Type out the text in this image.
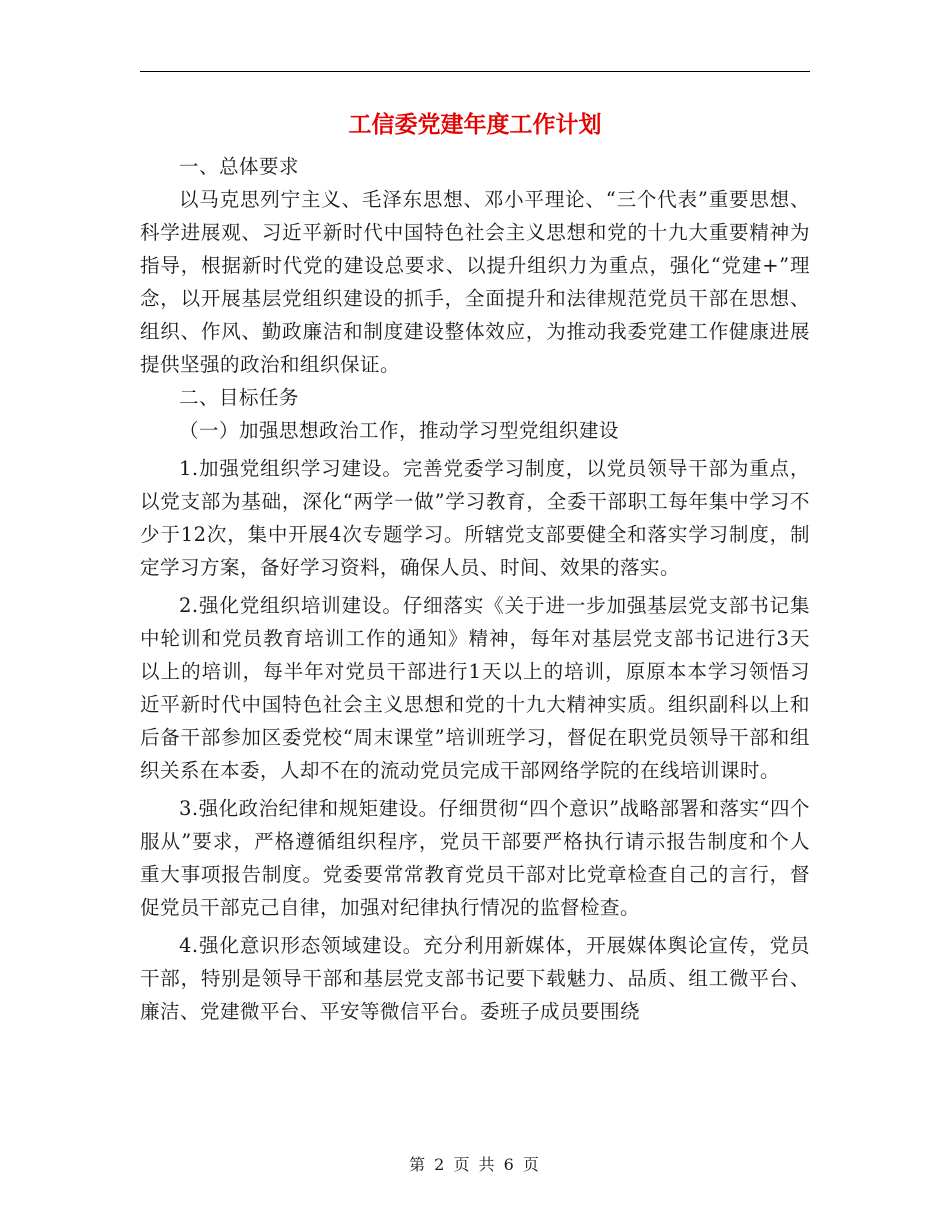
工信委党建年度工作计划

一、总体要求

以马克思列宁主义、毛泽东思想、邓小平理论、“三个代表”重要思想、科学进展观、习近平新时代中国特色社会主义思想和党的十九大重要精神为指导，根据新时代党的建设总要求、以提升组织力为重点，强化“党建+”理念，以开展基层党组织建设的抓手，全面提升和法律规范党员干部在思想、组织、作风、勤政廉洁和制度建设整体效应，为推动我委党建工作健康进展提供坚强的政治和组织保证。

二、目标任务

（一）加强思想政治工作，推动学习型党组织建设

1.加强党组织学习建设。完善党委学习制度，以党员领导干部为重点，以党支部为基础，深化“两学一做”学习教育，全委干部职工每年集中学习不少于12次，集中开展4次专题学习。所辖党支部要健全和落实学习制度，制定学习方案，备好学习资料，确保人员、时间、效果的落实。

2.强化党组织培训建设。仔细落实《关于进一步加强基层党支部书记集中轮训和党员教育培训工作的通知》精神，每年对基层党支部书记进行3天以上的培训，每半年对党员干部进行1天以上的培训，原原本本学习领悟习近平新时代中国特色社会主义思想和党的十九大精神实质。组织副科以上和后备干部参加区委党校“周末课堂”培训班学习，督促在职党员领导干部和组织关系在本委，人却不在的流动党员完成干部网络学院的在线培训课时。

3.强化政治纪律和规矩建设。仔细贯彻“四个意识”战略部署和落实“四个服从”要求，严格遵循组织程序，党员干部要严格执行请示报告制度和个人重大事项报告制度。党委要常常教育党员干部对比党章检查自己的言行，督促党员干部克己自律，加强对纪律执行情况的监督检查。

4.强化意识形态领域建设。充分利用新媒体，开展媒体舆论宣传，党员干部，特别是领导干部和基层党支部书记要下载魅力、品质、组工微平台、廉洁、党建微平台、平安等微信平台。委班子成员要围绕

第 2 页 共 6 页
